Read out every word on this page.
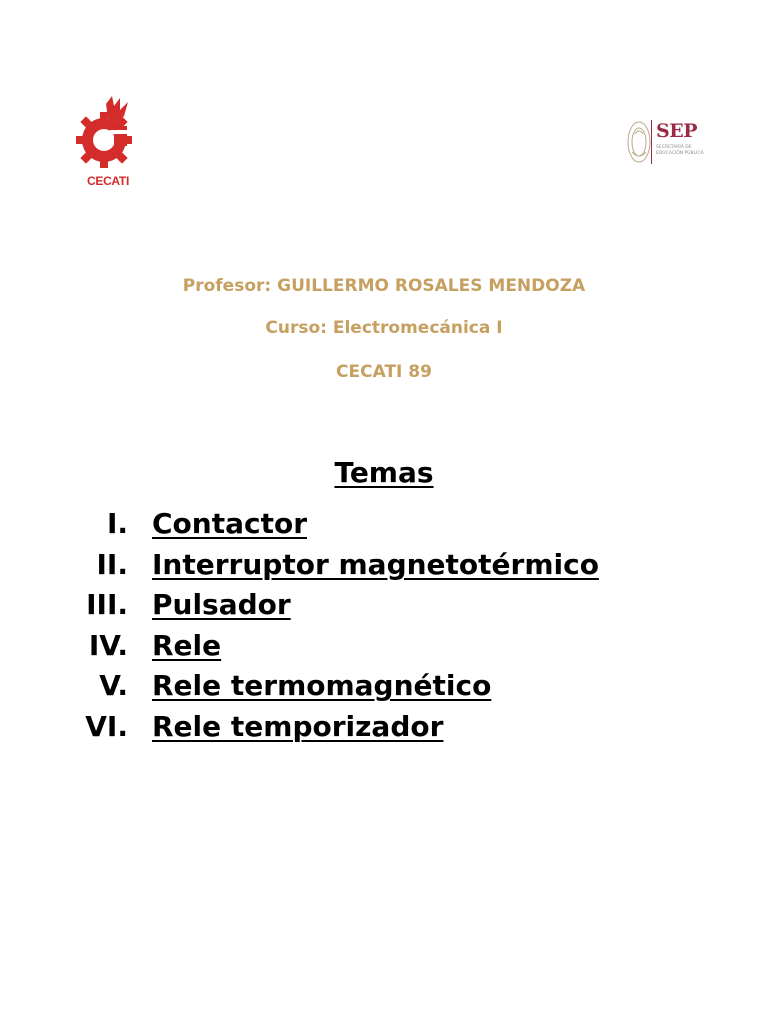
CECATI
SEP
SECRETARÍA DE EDUCACIÓN PÚBLICA
Profesor: GUILLERMO ROSALES MENDOZA
Curso: Electromecánica I
CECATI 89
Temas
I. Contactor
II. Interruptor magnetotérmico
III. Pulsador
IV. Rele
V. Rele termomagnético
VI. Rele temporizador
